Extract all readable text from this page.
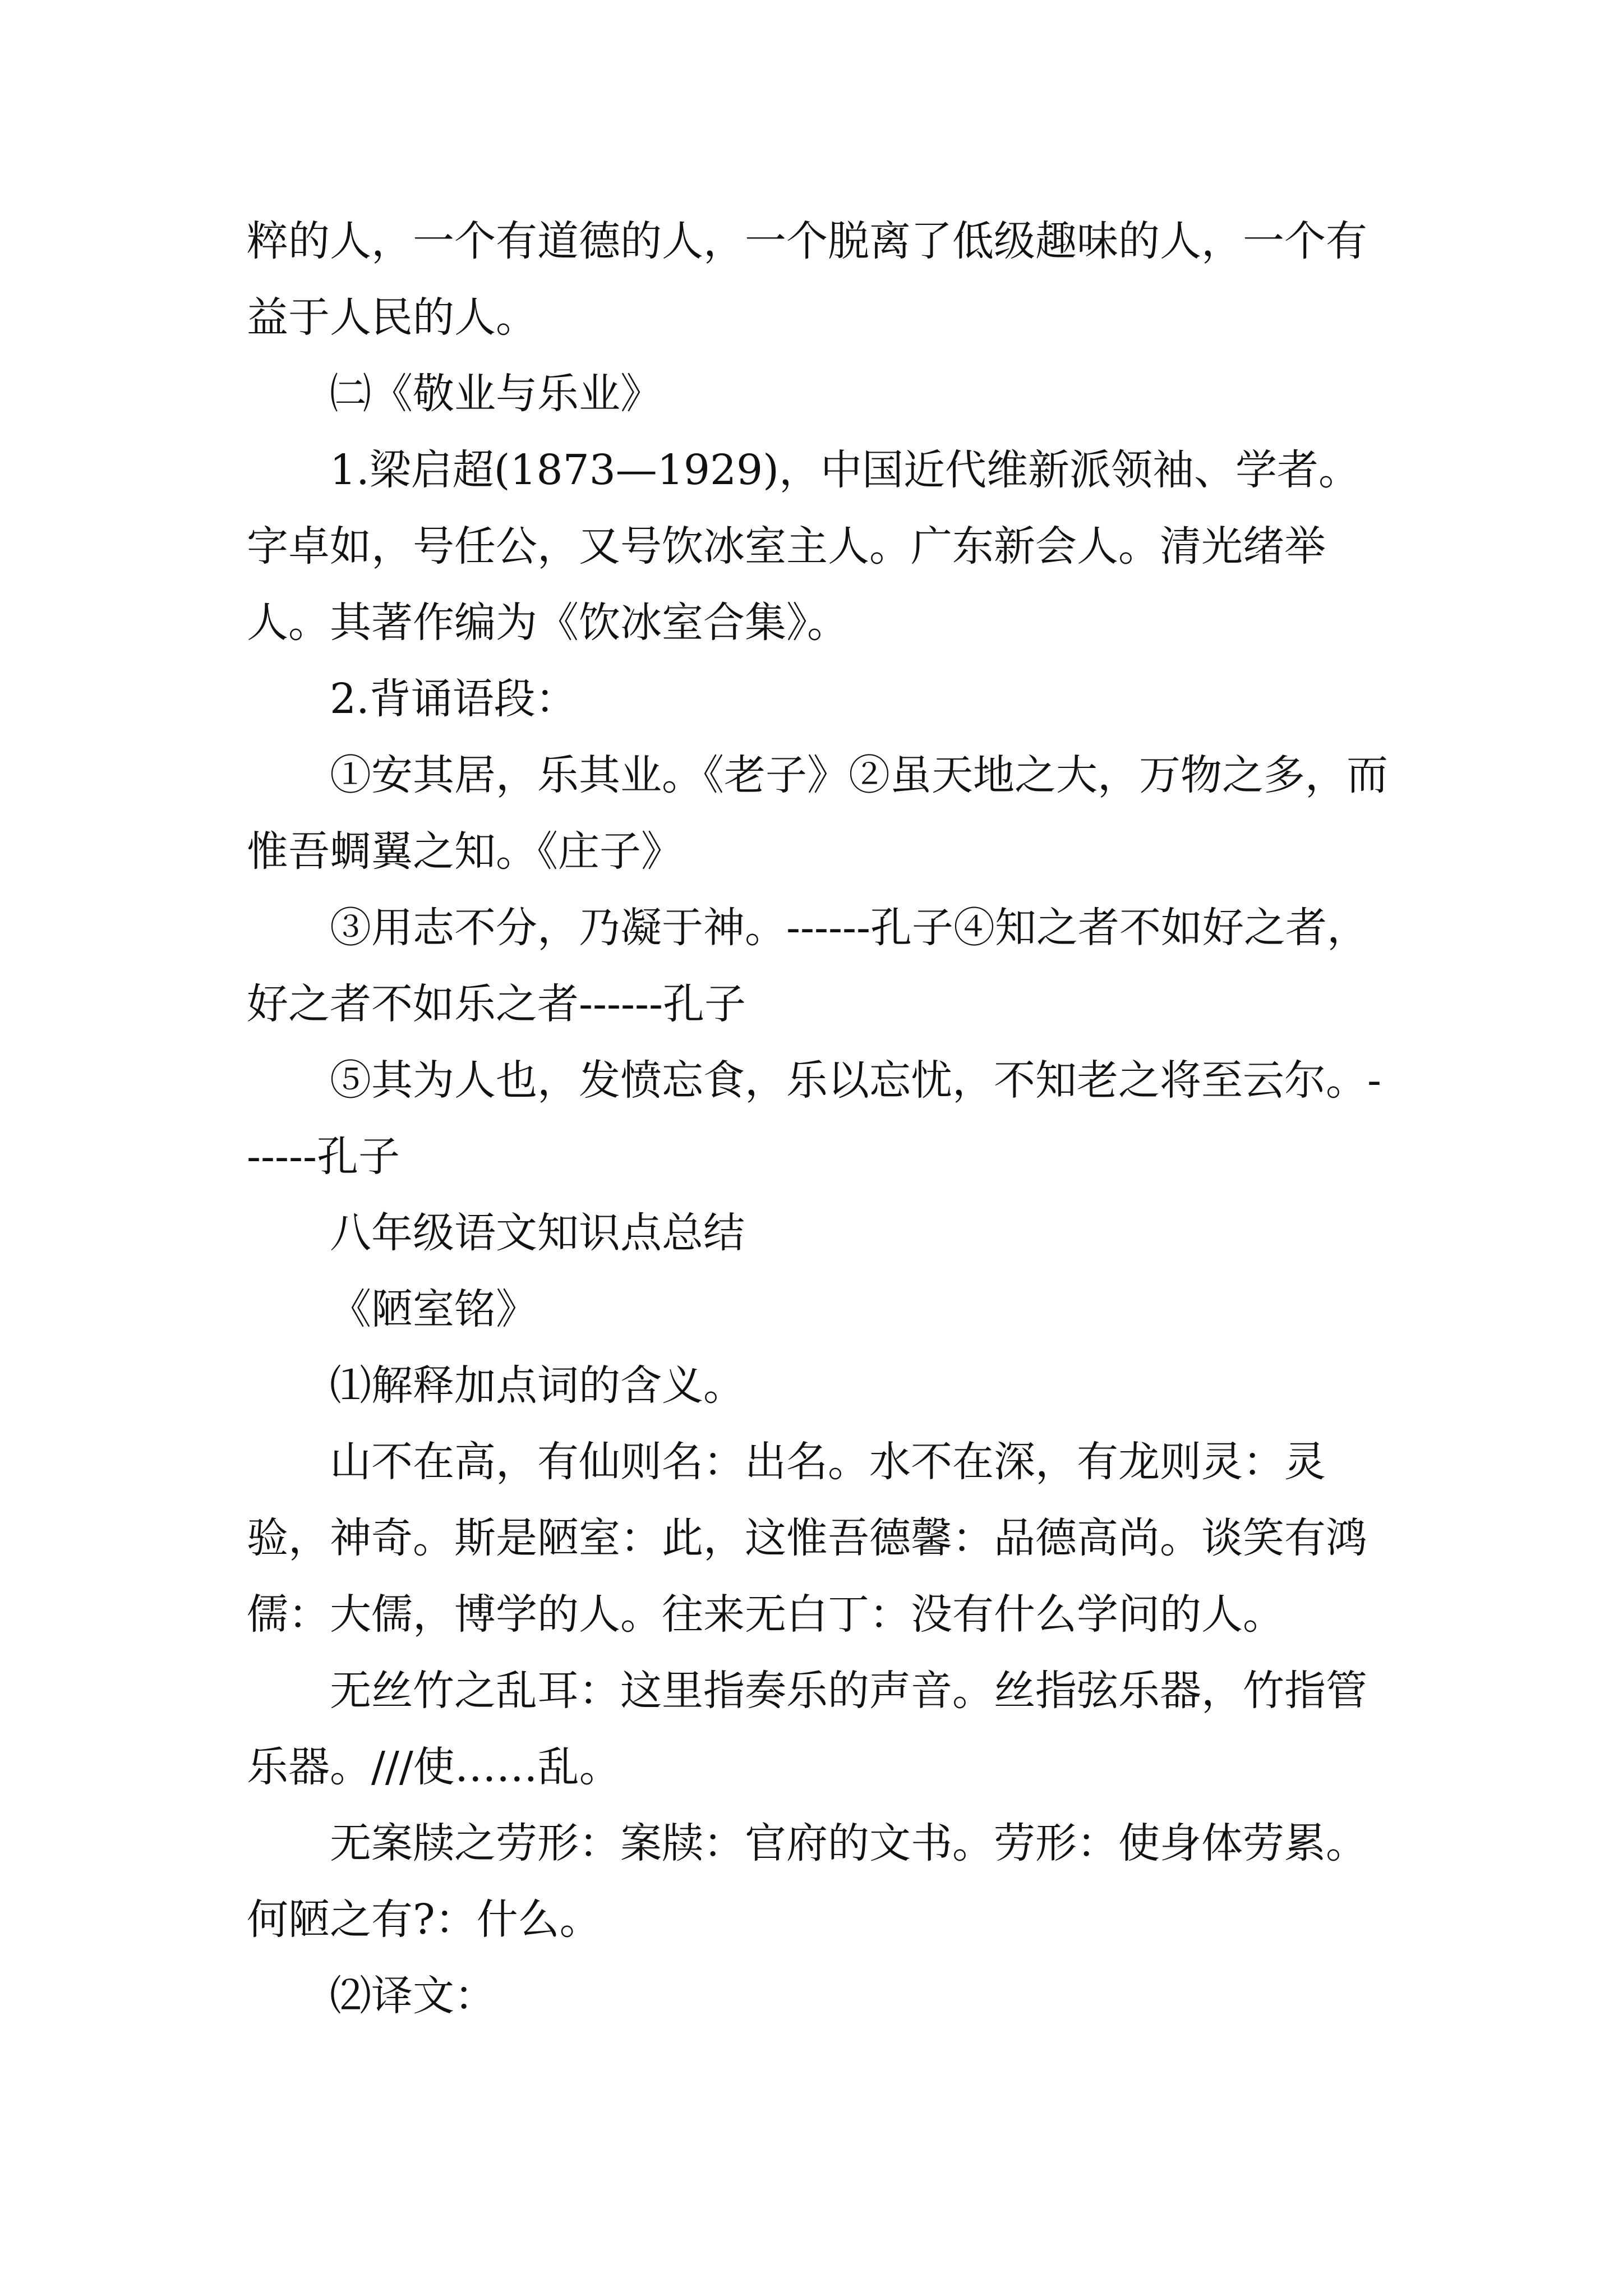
粹的人，一个有道德的人，一个脱离了低级趣味的人，一个有益于人民的人。

㈡《敬业与乐业》

1.梁启超(1873—1929)，中国近代维新派领袖、学者。字卓如，号任公，又号饮冰室主人。广东新会人。清光绪举人。其著作编为《饮冰室合集》。

2.背诵语段：

①安其居，乐其业。《老子》②虽天地之大，万物之多，而惟吾蜩翼之知。《庄子》

③用志不分，乃凝于神。------孔子④知之者不如好之者，好之者不如乐之者------孔子

⑤其为人也，发愤忘食，乐以忘忧，不知老之将至云尔。------孔子

八年级语文知识点总结

《陋室铭》

⑴解释加点词的含义。

山不在高，有仙则名：出名。水不在深，有龙则灵：灵验，神奇。斯是陋室：此，这惟吾德馨：品德高尚。谈笑有鸿儒：大儒，博学的人。往来无白丁：没有什么学问的人。

无丝竹之乱耳：这里指奏乐的声音。丝指弦乐器，竹指管乐器。///使……乱。

无案牍之劳形：案牍：官府的文书。劳形：使身体劳累。何陋之有?：什么。

⑵译文：
